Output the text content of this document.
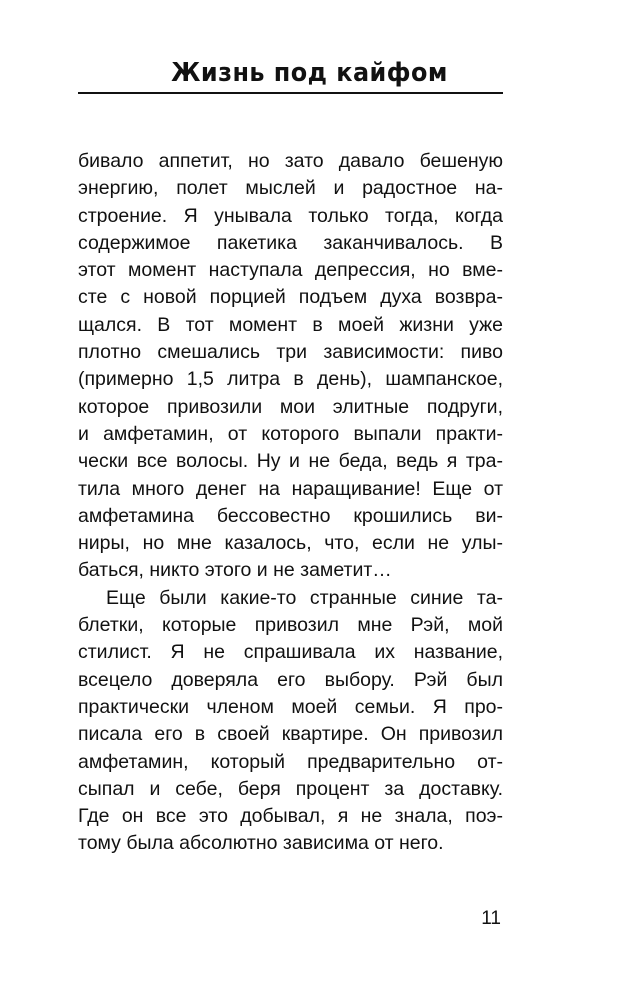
Жизнь под кайфом
бивало аппетит, но зато давало бешеную
энергию, полет мыслей и радостное на-
строение. Я унывала только тогда, когда
содержимое пакетика заканчивалось. В
этот момент наступала депрессия, но вме-
сте с новой порцией подъем духа возвра-
щался. В тот момент в моей жизни уже
плотно смешались три зависимости: пиво
(примерно 1,5 литра в день), шампанское,
которое привозили мои элитные подруги,
и амфетамин, от которого выпали практи-
чески все волосы. Ну и не беда, ведь я тра-
тила много денег на наращивание! Еще от
амфетамина бессовестно крошились ви-
ниры, но мне казалось, что, если не улы-
баться, никто этого и не заметит…
Еще были какие-то странные синие та-
блетки, которые привозил мне Рэй, мой
стилист. Я не спрашивала их название,
всецело доверяла его выбору. Рэй был
практически членом моей семьи. Я про-
писала его в своей квартире. Он привозил
амфетамин, который предварительно от-
сыпал и себе, беря процент за доставку.
Где он все это добывал, я не знала, поэ-
тому была абсолютно зависима от него.
11
